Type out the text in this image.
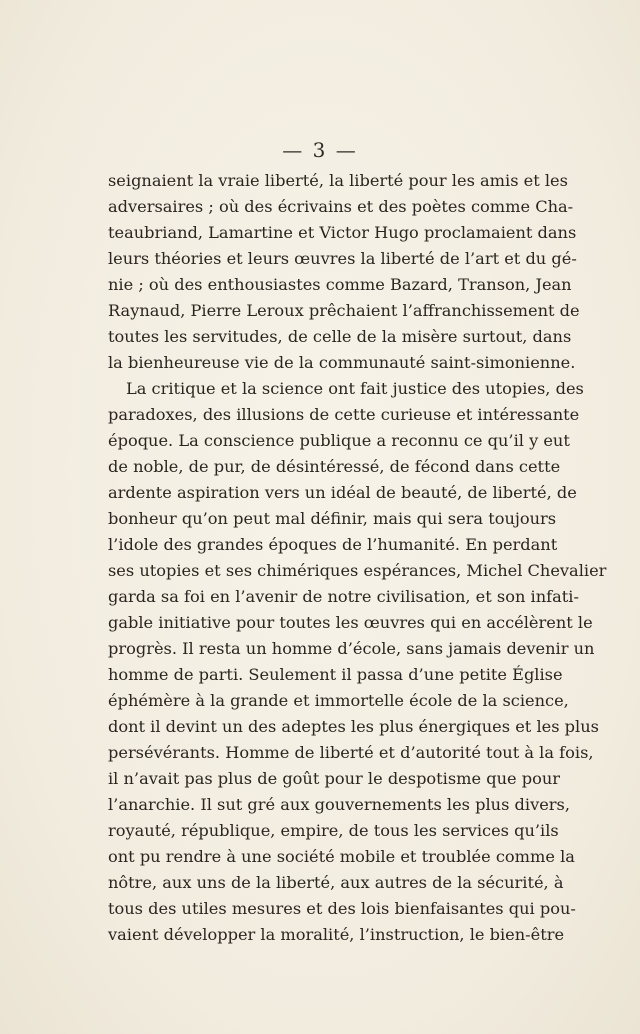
— 3 —
seignaient la vraie liberté, la liberté pour les amis et les
adversaires ; où des écrivains et des poètes comme Cha-
teaubriand, Lamartine et Victor Hugo proclamaient dans
leurs théories et leurs œuvres la liberté de l’art et du gé-
nie ; où des enthousiastes comme Bazard, Transon, Jean
Raynaud, Pierre Leroux prêchaient l’affranchissement de
toutes les servitudes, de celle de la misère surtout, dans
la bienheureuse vie de la communauté saint-simonienne.
La critique et la science ont fait justice des utopies, des
paradoxes, des illusions de cette curieuse et intéressante
époque. La conscience publique a reconnu ce qu’il y eut
de noble, de pur, de désintéressé, de fécond dans cette
ardente aspiration vers un idéal de beauté, de liberté, de
bonheur qu’on peut mal définir, mais qui sera toujours
l’idole des grandes époques de l’humanité. En perdant
ses utopies et ses chimériques espérances, Michel Chevalier
garda sa foi en l’avenir de notre civilisation, et son infati-
gable initiative pour toutes les œuvres qui en accélèrent le
progrès. Il resta un homme d’école, sans jamais devenir un
homme de parti. Seulement il passa d’une petite Église
éphémère à la grande et immortelle école de la science,
dont il devint un des adeptes les plus énergiques et les plus
persévérants. Homme de liberté et d’autorité tout à la fois,
il n’avait pas plus de goût pour le despotisme que pour
l’anarchie. Il sut gré aux gouvernements les plus divers,
royauté, république, empire, de tous les services qu’ils
ont pu rendre à une société mobile et troublée comme la
nôtre, aux uns de la liberté, aux autres de la sécurité, à
tous des utiles mesures et des lois bienfaisantes qui pou-
vaient développer la moralité, l’instruction, le bien-être
